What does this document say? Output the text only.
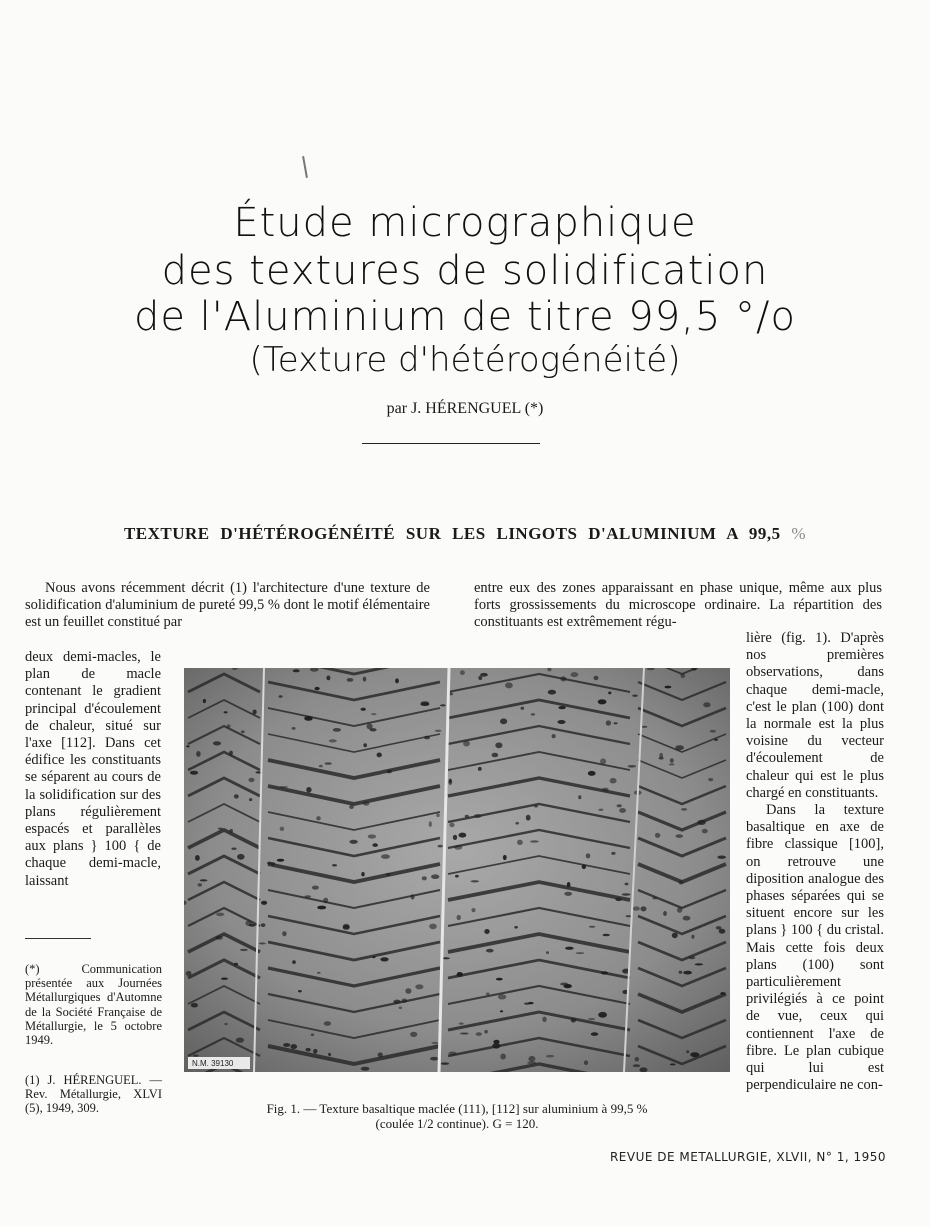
Étude micrographique
des textures de solidification
de l'Aluminium de titre 99,5 °/o
(Texture d'hétérogénéité)
par J. HÉRENGUEL (*)
TEXTURE D'HÉTÉROGÉNÉITÉ SUR LES LINGOTS D'ALUMINIUM A 99,5 %
Nous avons récemment décrit (1) l'architecture d'une texture de solidification d'aluminium de pureté 99,5 % dont le motif élémentaire est un feuillet constitué par
deux demi-macles, le plan de macle contenant le gradient principal d'écoulement de chaleur, situé sur l'axe [112]. Dans cet édifice les constituants se séparent au cours de la solidification sur des plans régulièrement espacés et parallèles aux plans } 100 { de chaque demi-macle, laissant
entre eux des zones apparaissant en phase unique, même aux plus forts grossissements du microscope ordinaire. La répartition des constituants est extrêmement régu-
lière (fig. 1). D'après nos premières observations, dans chaque demi-macle, c'est le plan (100) dont la normale est la plus voisine du vecteur d'écoulement de chaleur qui est le plus chargé en constituants.
Dans la texture basaltique en axe de fibre classique [100], on retrouve une diposition analogue des phases séparées qui se situent encore sur les plans } 100 { du cristal. Mais cette fois deux plans (100) sont particulièrement privilégiés à ce point de vue, ceux qui contiennent l'axe de fibre. Le plan cubique qui lui est perpendiculaire ne con-
(*) Communication présentée aux Journées Métallurgiques d'Automne de la Société Française de Métallurgie, le 5 octobre 1949.
(1) J. HÉRENGUEL. — Rev. Métallurgie, XLVI (5), 1949, 309.
N.M. 39130
Fig. 1. — Texture basaltique maclée (111), [112] sur aluminium à 99,5 %
(coulée 1/2 continue). G = 120.
REVUE DE METALLURGIE, XLVII, N° 1, 1950
